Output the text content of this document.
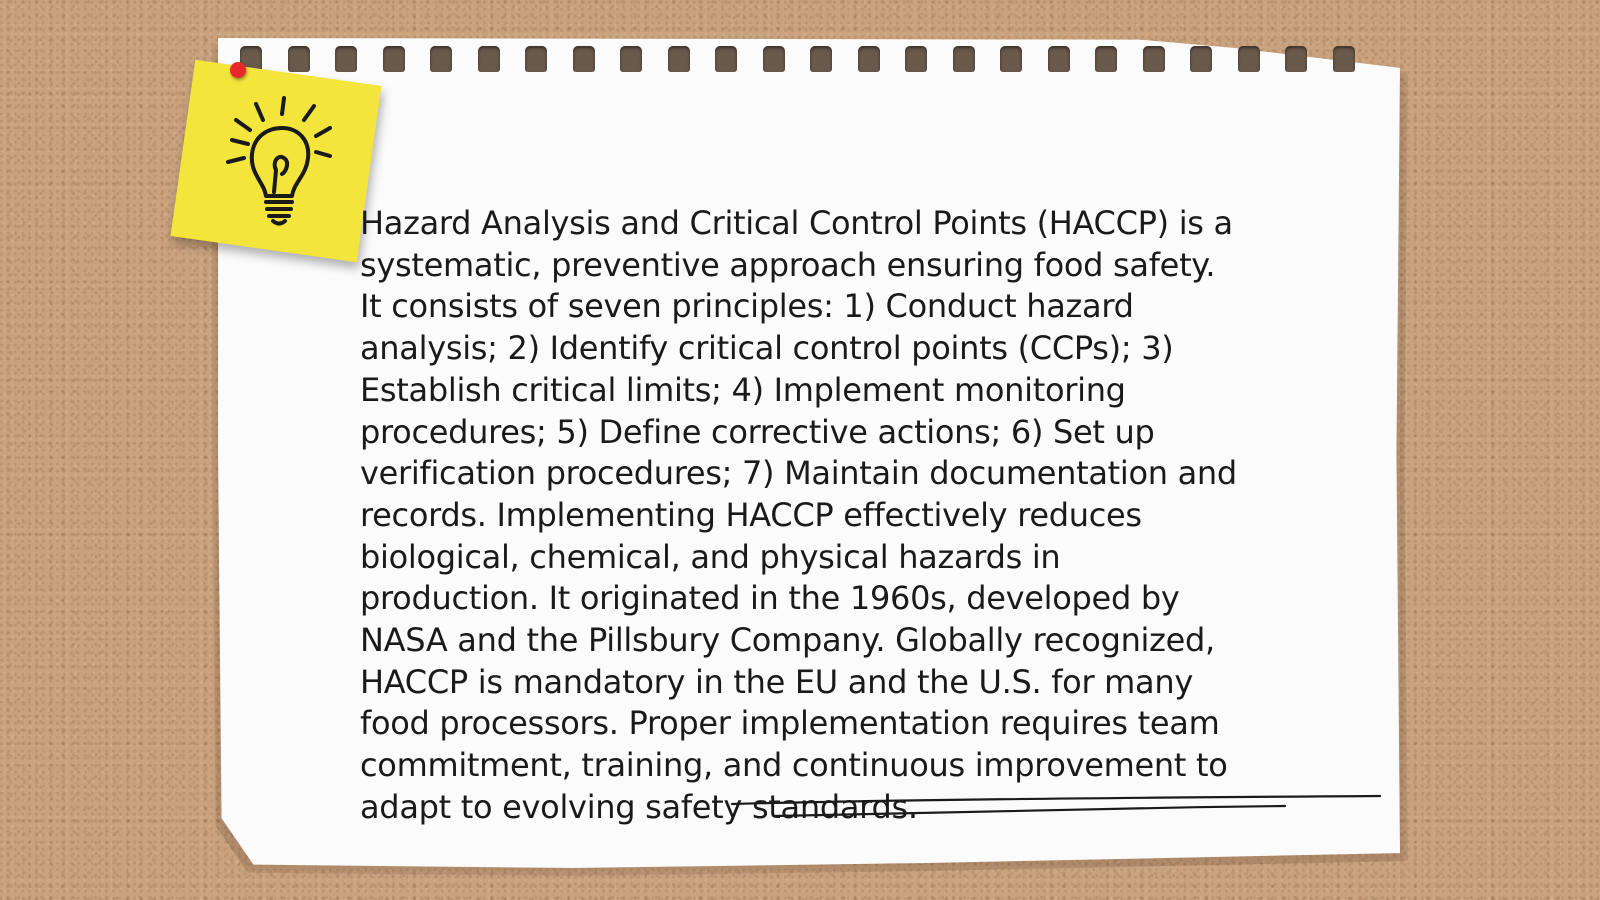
Hazard Analysis and Critical Control Points (HACCP) is a systematic, preventive approach ensuring food safety. It consists of seven principles: 1) Conduct hazard analysis; 2) Identify critical control points (CCPs); 3) Establish critical limits; 4) Implement monitoring procedures; 5) Define corrective actions; 6) Set up verification procedures; 7) Maintain documentation and records. Implementing HACCP effectively reduces biological, chemical, and physical hazards in production. It originated in the 1960s, developed by NASA and the Pillsbury Company. Globally recognized, HACCP is mandatory in the EU and the U.S. for many food processors. Proper implementation requires team commitment, training, and continuous improvement to adapt to evolving safety standards.
